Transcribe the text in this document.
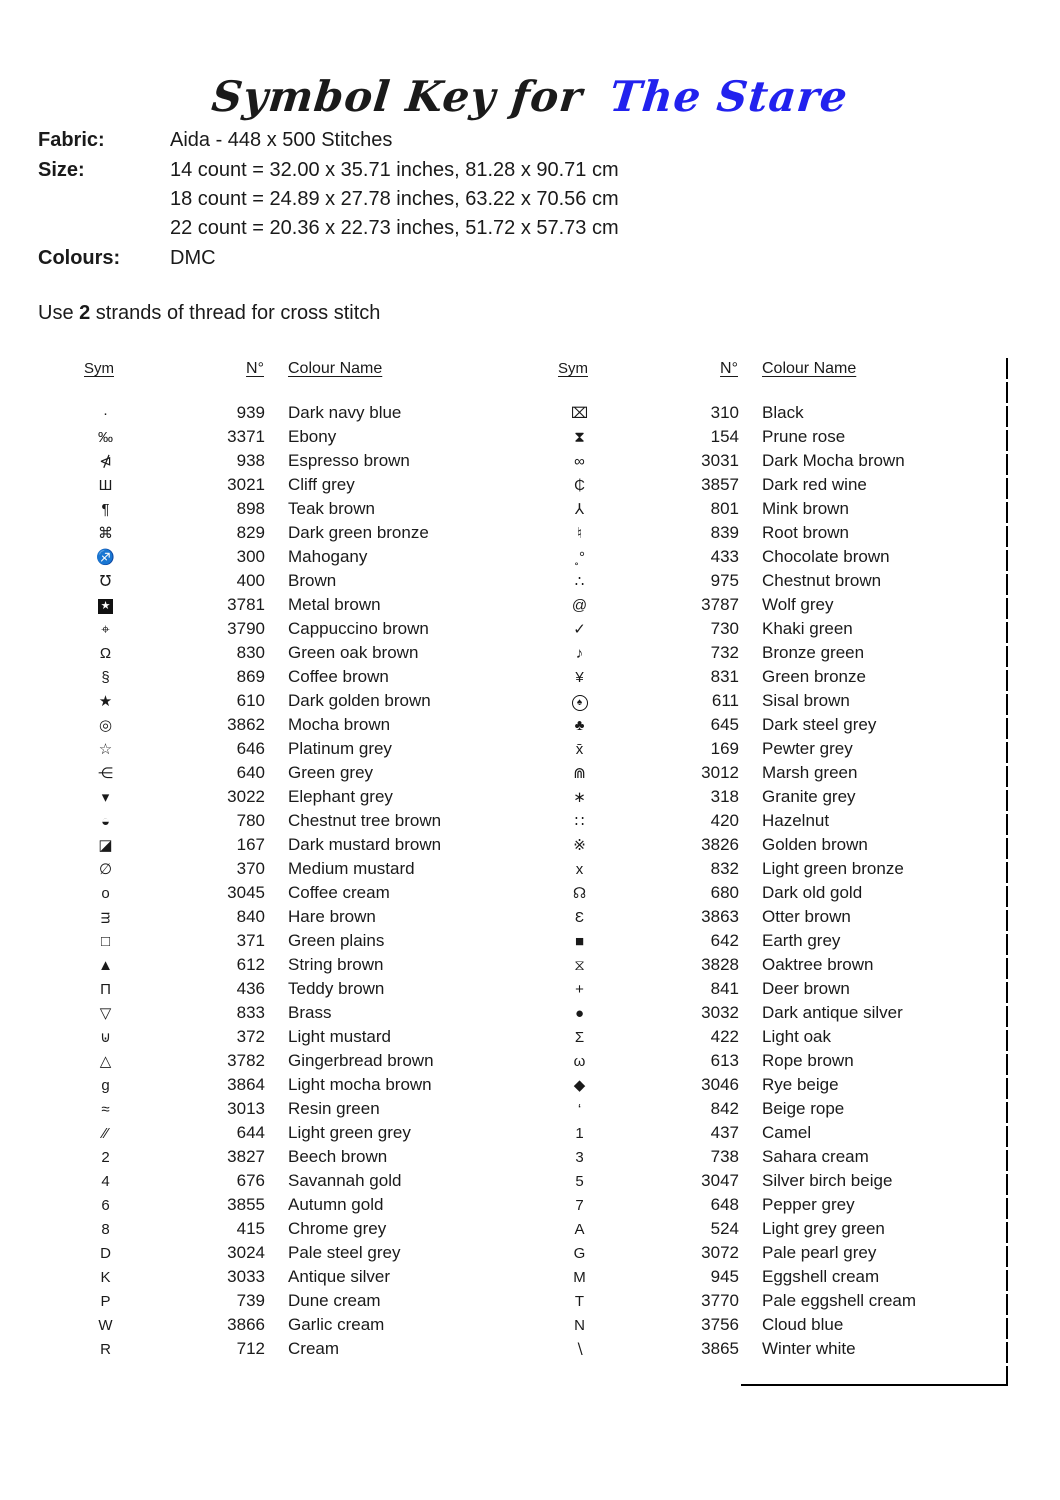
Symbol Key for The Stare
Fabric:	Aida - 448 x 500 Stitches
Size:	14 count = 32.00 x 35.71 inches, 81.28 x 90.71 cm
18 count = 24.89 x 27.78 inches, 63.22 x 70.56 cm
22 count = 20.36 x 22.73 inches, 51.72 x 57.73 cm
Colours: DMC
Use 2 strands of thread for cross stitch
Sym	N°	Colour Name
·	939	Dark navy blue
‰	3371	Ebony
⋪	938	Espresso brown
Ш	3021	Cliff grey
¶	898	Teak brown
⌘	829	Dark green bronze
♐	300	Mahogany
℧	400	Brown
★	3781	Metal brown
⌖	3790	Cappuccino brown
Ω	830	Green oak brown
§	869	Coffee brown
★	610	Dark golden brown
◎	3862	Mocha brown
☆	646	Platinum grey
⋲	640	Green grey
▾	3022	Elephant grey
◒	780	Chestnut tree brown
◪	167	Dark mustard brown
∅	370	Medium mustard
o	3045	Coffee cream
ᴟ	840	Hare brown
□	371	Green plains
▲	612	String brown
Π	436	Teddy brown
▽	833	Brass
⊍	372	Light mustard
△	3782	Gingerbread brown
g	3864	Light mocha brown
≈	3013	Resin green
⁄⁄	644	Light green grey
2	3827	Beech brown
4	676	Savannah gold
6	3855	Autumn gold
8	415	Chrome grey
D	3024	Pale steel grey
K	3033	Antique silver
P	739	Dune cream
W	3866	Garlic cream
R	712	Cream
Sym	N°	Colour Name
⌧	310	Black
⧗	154	Prune rose
∞	3031	Dark Mocha brown
₵	3857	Dark red wine
⅄	801	Mink brown
♮	839	Root brown
˳°	433	Chocolate brown
∴	975	Chestnut brown
@	3787	Wolf grey
✓	730	Khaki green
♪	732	Bronze green
¥	831	Green bronze
♠	611	Sisal brown
♣	645	Dark steel grey
x̄	169	Pewter grey
⋒	3012	Marsh green
∗	318	Granite grey
∷	420	Hazelnut
※	3826	Golden brown
x	832	Light green bronze
☊	680	Dark old gold
Ɛ	3863	Otter brown
■	642	Earth grey
⧖	3828	Oaktree brown
+	841	Deer brown
●	3032	Dark antique silver
Σ	422	Light oak
ω	613	Rope brown
◆	3046	Rye beige
‘	842	Beige rope
1	437	Camel
3	738	Sahara cream
5	3047	Silver birch beige
7	648	Pepper grey
A	524	Light grey green
G	3072	Pale pearl grey
M	945	Eggshell cream
T	3770	Pale eggshell cream
N	3756	Cloud blue
∖	3865	Winter white
